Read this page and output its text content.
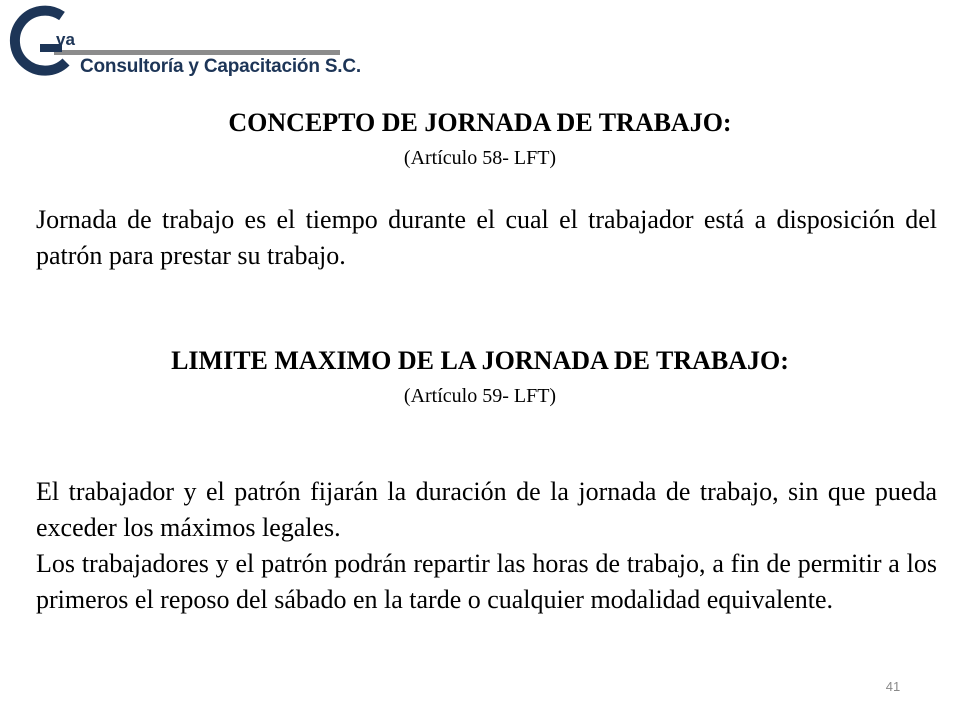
va
Consultoría y Capacitación S.C.
CONCEPTO DE JORNADA DE TRABAJO:
(Artículo 58- LFT)

Jornada de trabajo es el tiempo durante el cual el trabajador está a disposición del patrón para prestar su trabajo.

LIMITE MAXIMO DE LA JORNADA DE TRABAJO:
(Artículo 59- LFT)

El trabajador y el patrón fijarán la duración de la jornada de trabajo, sin que pueda exceder los máximos legales.

Los trabajadores y el patrón podrán repartir las horas de trabajo, a fin de permitir a los primeros el reposo del sábado en la tarde o cualquier modalidad equivalente.

41
